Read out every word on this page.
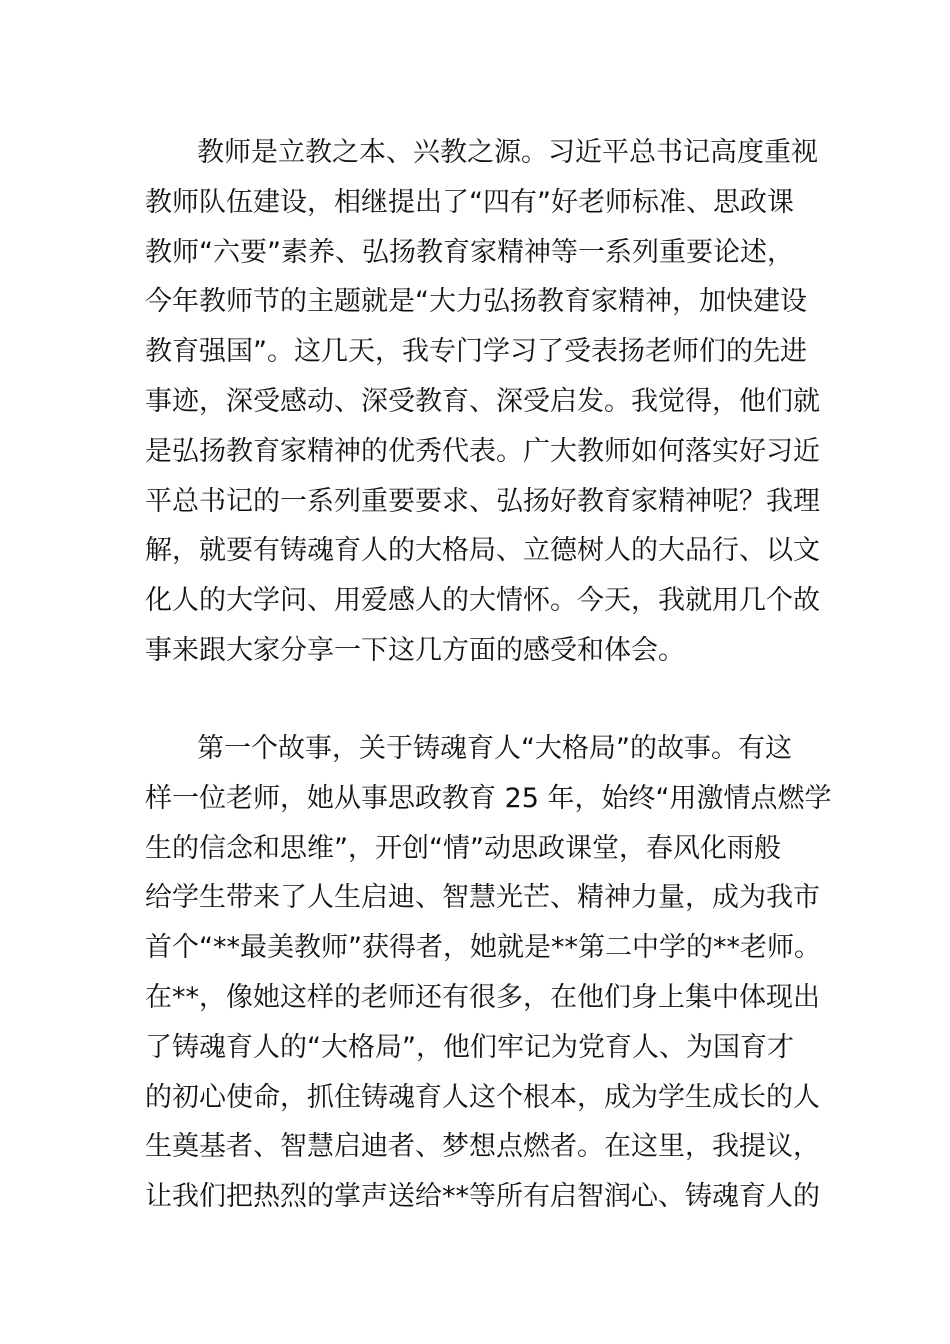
教师是立教之本、兴教之源。习近平总书记高度重视
教师队伍建设，相继提出了“四有”好老师标准、思政课
教师“六要”素养、弘扬教育家精神等一系列重要论述，
今年教师节的主题就是“大力弘扬教育家精神，加快建设
教育强国”。这几天，我专门学习了受表扬老师们的先进
事迹，深受感动、深受教育、深受启发。我觉得，他们就
是弘扬教育家精神的优秀代表。广大教师如何落实好习近
平总书记的一系列重要要求、弘扬好教育家精神呢？我理
解，就要有铸魂育人的大格局、立德树人的大品行、以文
化人的大学问、用爱感人的大情怀。今天，我就用几个故
事来跟大家分享一下这几方面的感受和体会。
第一个故事，关于铸魂育人“大格局”的故事。有这
样一位老师，她从事思政教育 25 年，始终“用激情点燃学
生的信念和思维”，开创“情”动思政课堂，春风化雨般
给学生带来了人生启迪、智慧光芒、精神力量，成为我市
首个“**最美教师”获得者，她就是**第二中学的**老师。
在**，像她这样的老师还有很多，在他们身上集中体现出
了铸魂育人的“大格局”，他们牢记为党育人、为国育才
的初心使命，抓住铸魂育人这个根本，成为学生成长的人
生奠基者、智慧启迪者、梦想点燃者。在这里，我提议，
让我们把热烈的掌声送给**等所有启智润心、铸魂育人的
